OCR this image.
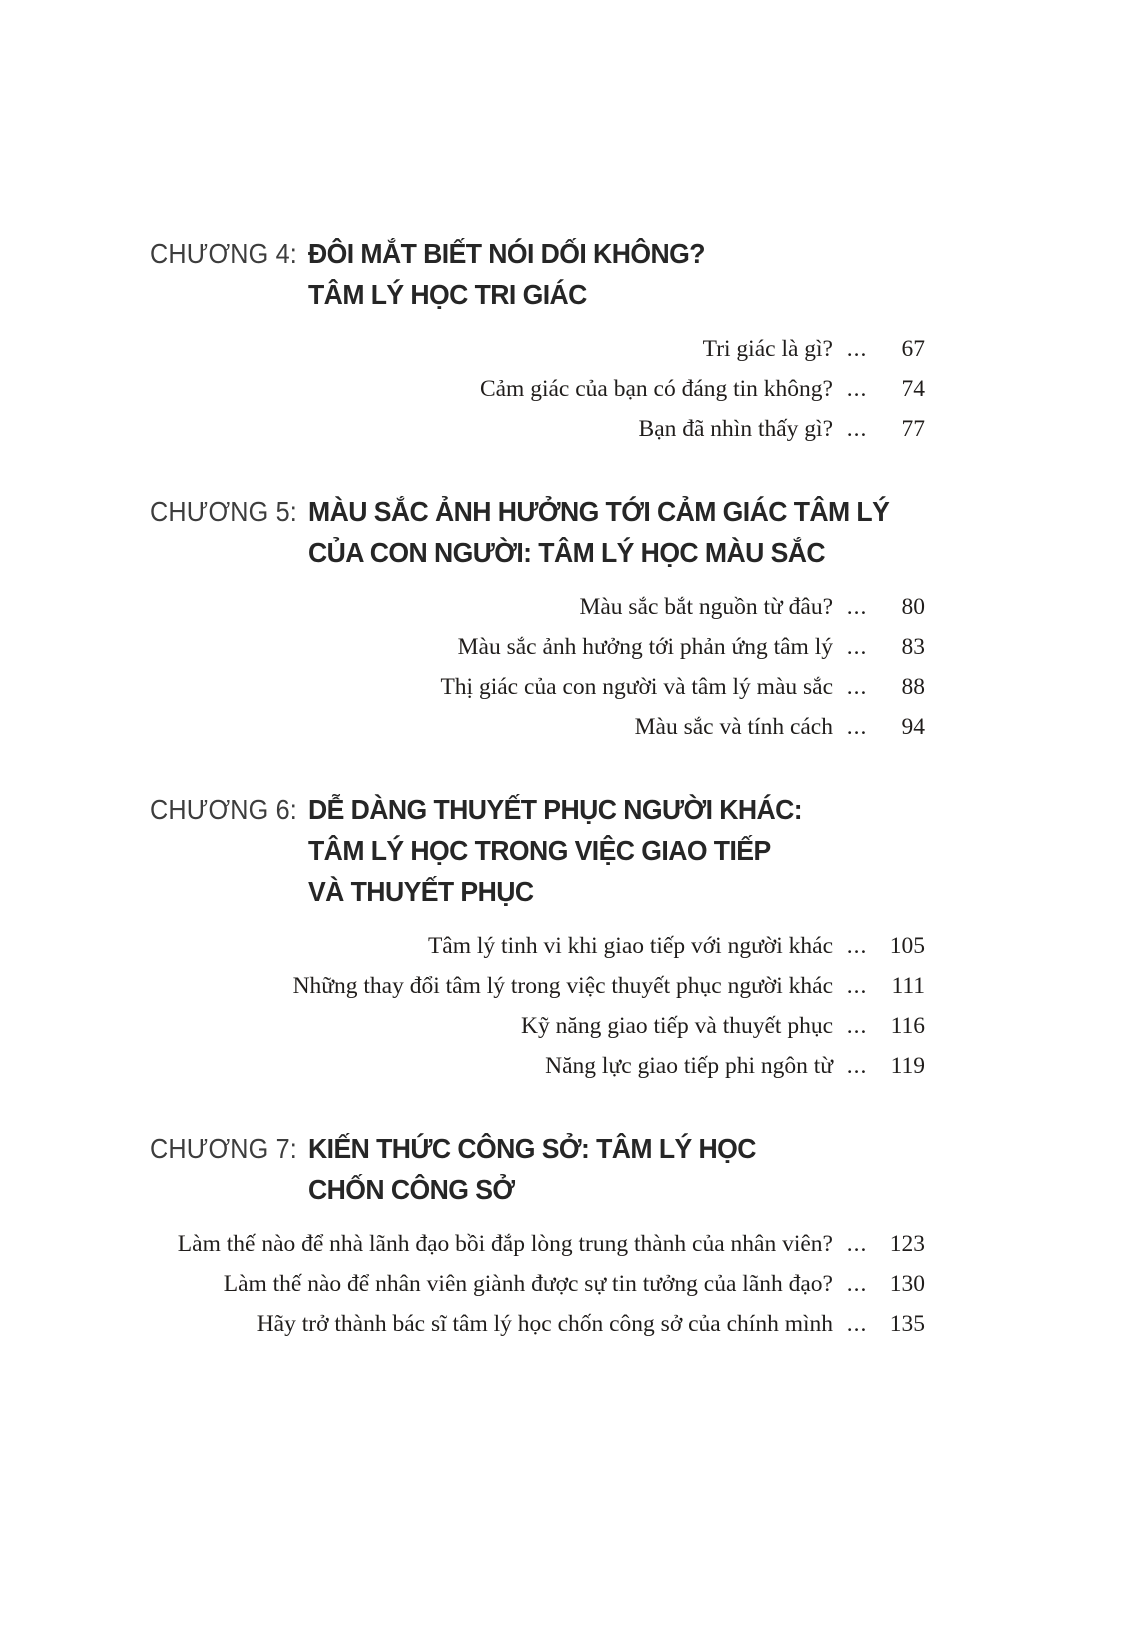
CHƯƠNG 4: ĐÔI MẮT BIẾT NÓI DỐI KHÔNG?
TÂM LÝ HỌC TRI GIÁC
Tri giác là gì? ...	67
Cảm giác của bạn có đáng tin không? ...	74
Bạn đã nhìn thấy gì? ...	77
CHƯƠNG 5: MÀU SẮC ẢNH HƯỞNG TỚI CẢM GIÁC TÂM LÝ
CỦA CON NGƯỜI: TÂM LÝ HỌC MÀU SẮC
Màu sắc bắt nguồn từ đâu? ...	80
Màu sắc ảnh hưởng tới phản ứng tâm lý ...	83
Thị giác của con người và tâm lý màu sắc ...	88
Màu sắc và tính cách ...	94
CHƯƠNG 6: DỄ DÀNG THUYẾT PHỤC NGƯỜI KHÁC:
TÂM LÝ HỌC TRONG VIỆC GIAO TIẾP
VÀ THUYẾT PHỤC
Tâm lý tinh vi khi giao tiếp với người khác ... 105
Những thay đổi tâm lý trong việc thuyết phục người khác ...	111
Kỹ năng giao tiếp và thuyết phục ... 116
Năng lực giao tiếp phi ngôn từ ... 119
CHƯƠNG 7: KIẾN THỨC CÔNG SỞ: TÂM LÝ HỌC
CHỐN CÔNG SỞ
Làm thế nào để nhà lãnh đạo bồi đắp lòng trung thành của nhân viên? ... 123
Làm thế nào để nhân viên giành được sự tin tưởng của lãnh đạo? ... 130
Hãy trở thành bác sĩ tâm lý học chốn công sở của chính mình ... 135
